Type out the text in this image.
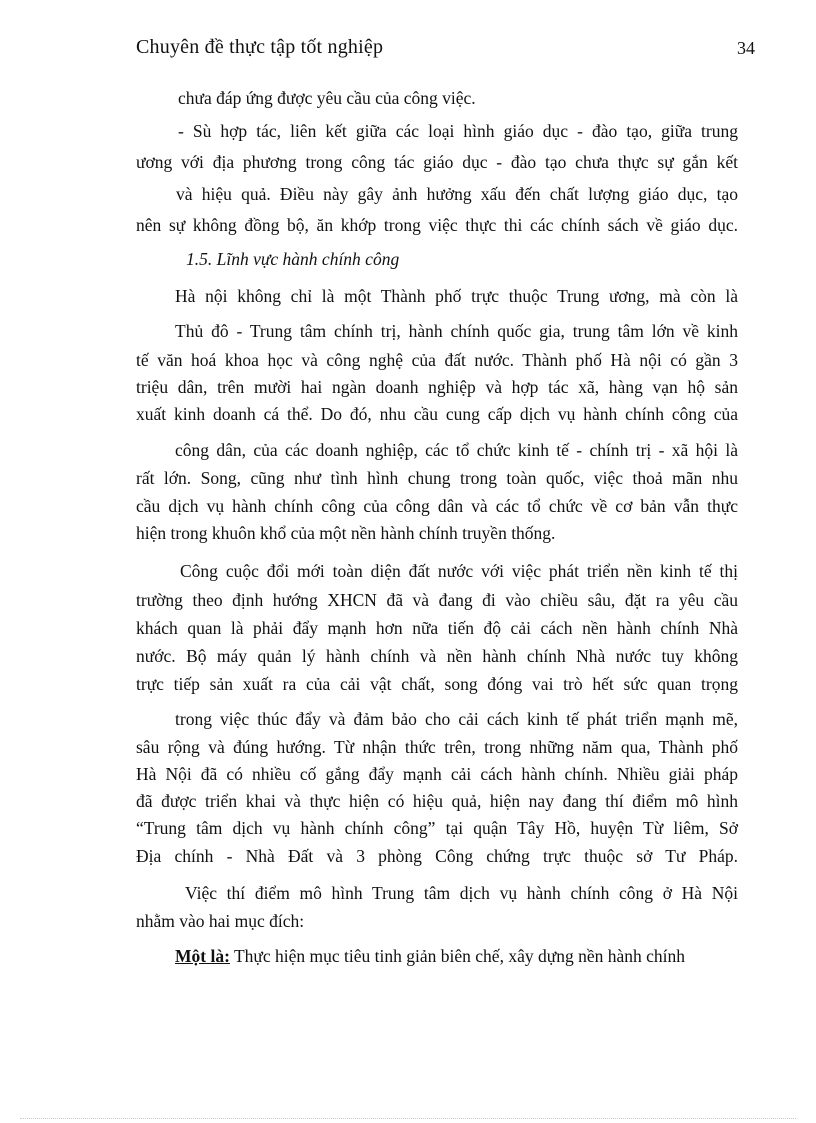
Chuyên đề thực tập tốt nghiệp	34
chưa đáp ứng được yêu cầu của công việc.
- Sù hợp tác, liên kết giữa các loại hình giáo dục - đào tạo, giữa trung
ương với địa phương trong công tác giáo dục - đào tạo chưa thực sự gắn kết
và hiệu quả. Điều này gây ảnh hưởng xấu đến chất lượng giáo dục, tạo
nên sự không đồng bộ, ăn khớp trong việc thực thi các chính sách về giáo dục.
1.5. Lĩnh vực hành chính công
Hà nội không chỉ là một Thành phố trực thuộc Trung ương, mà còn là
Thủ đô - Trung tâm chính trị, hành chính quốc gia, trung tâm lớn về kinh
tế văn hoá khoa học và công nghệ của đất nước. Thành phố Hà nội có gần 3
triệu dân, trên mười hai ngàn doanh nghiệp và hợp tác xã, hàng vạn hộ sản
xuất kinh doanh cá thể. Do đó, nhu cầu cung cấp dịch vụ hành chính công của
công dân, của các doanh nghiệp, các tổ chức kinh tế - chính trị - xã hội là
rất lớn. Song, cũng như tình hình chung trong toàn quốc, việc thoả mãn nhu
cầu dịch vụ hành chính công của công dân và các tổ chức về cơ bản vẫn thực
hiện trong khuôn khổ của một nền hành chính truyền thống.
Công cuộc đổi mới toàn diện đất nước với việc phát triển nền kinh tế thị
trường theo định hướng XHCN đã và đang đi vào chiều sâu, đặt ra yêu cầu
khách quan là phải đẩy mạnh hơn nữa tiến độ cải cách nền hành chính Nhà
nước. Bộ máy quản lý hành chính và nền hành chính Nhà nước tuy không
trực tiếp sản xuất ra của cải vật chất, song đóng vai trò hết sức quan trọng
trong việc thúc đẩy và đảm bảo cho cải cách kinh tế phát triển mạnh mẽ,
sâu rộng và đúng hướng. Từ nhận thức trên, trong những năm qua, Thành phố
Hà Nội đã có nhiều cố gắng đẩy mạnh cải cách hành chính. Nhiều giải pháp
đã được triển khai và thực hiện có hiệu quả, hiện nay đang thí điểm mô hình
“Trung tâm dịch vụ hành chính công” tại quận Tây Hồ, huyện Từ liêm, Sở
Địa chính - Nhà Đất và 3 phòng Công chứng trực thuộc sở Tư Pháp.
Việc thí điểm mô hình Trung tâm dịch vụ hành chính công ở Hà Nội
nhằm vào hai mục đích:
Một là: Thực hiện mục tiêu tinh giản biên chế, xây dựng nền hành chính
